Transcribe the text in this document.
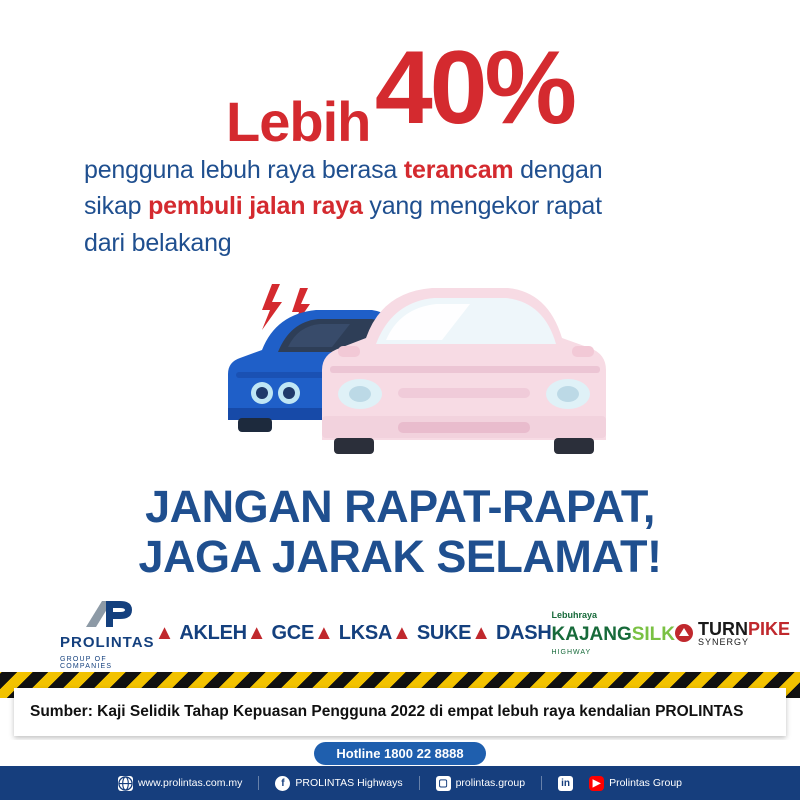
Lebih 40%
pengguna lebuh raya berasa terancam dengan
sikap pembuli jalan raya yang mengekor rapat
dari belakang
JANGAN RAPAT-RAPAT,
JAGA JARAK SELAMAT!
PROLINTAS
GROUP OF COMPANIES
▲ AKLEH ▲ GCE ▲ LKSA ▲ SUKE ▲ DASH
Lebuhraya
KAJANGSILK
HIGHWAY
TURNPIKE
SYNERGY
Sumber: Kaji Selidik Tahap Kepuasan Pengguna 2022 di empat lebuh raya kendalian PROLINTAS
Hotline 1800 22 8888
www.prolintas.com.my	f	PROLINTAS Highways	▢ prolintas.group	in	▶ Prolintas Group
